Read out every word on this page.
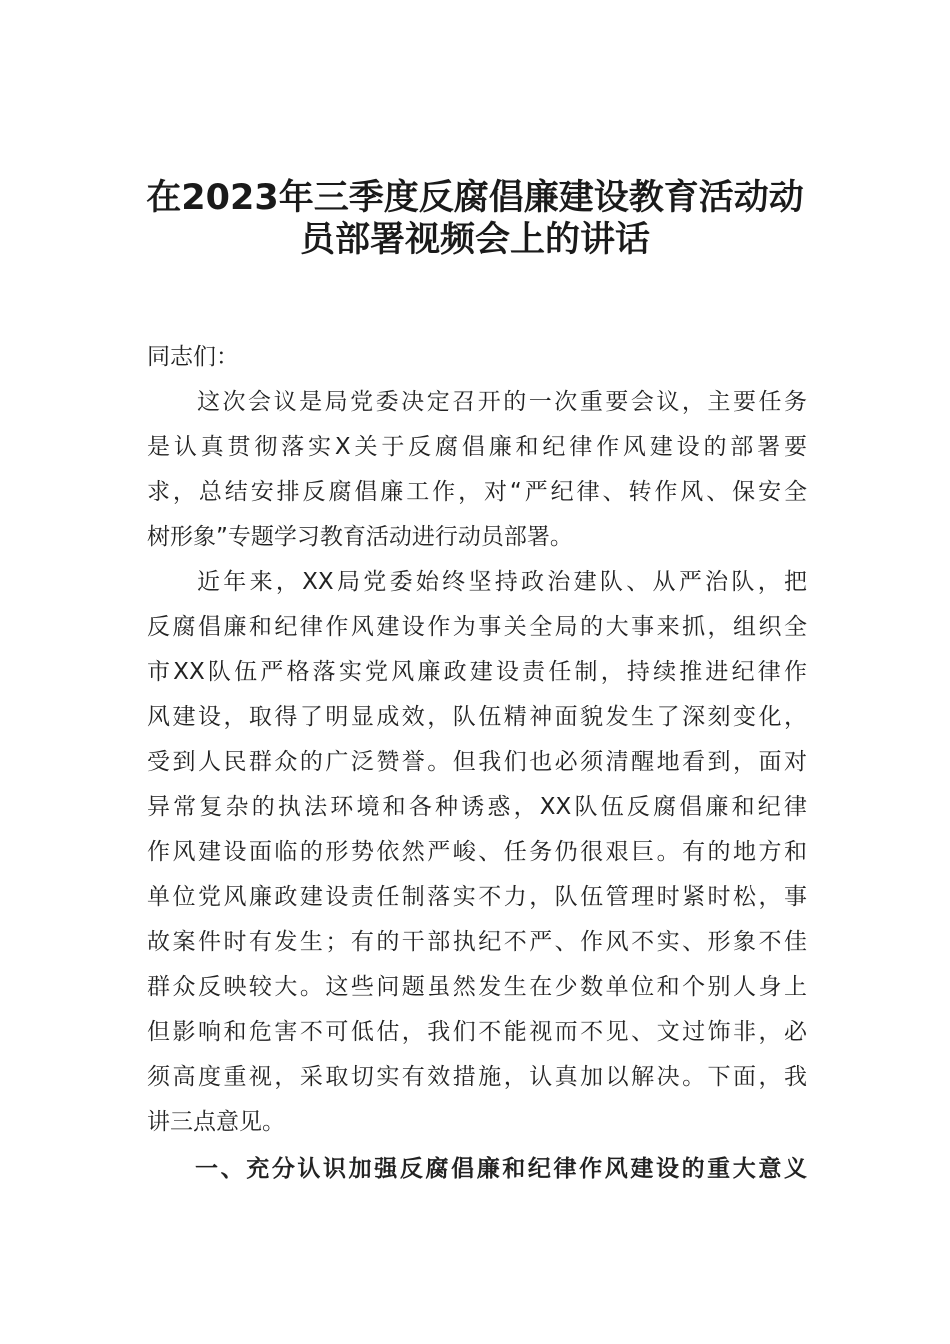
在2023年三季度反腐倡廉建设教育活动动
员部署视频会上的讲话
同志们：
这次会议是局党委决定召开的一次重要会议，主要任务
是认真贯彻落实X关于反腐倡廉和纪律作风建设的部署要
求，总结安排反腐倡廉工作，对“严纪律、转作风、保安全
树形象”专题学习教育活动进行动员部署。
近年来，XX局党委始终坚持政治建队、从严治队，把
反腐倡廉和纪律作风建设作为事关全局的大事来抓，组织全
市XX队伍严格落实党风廉政建设责任制，持续推进纪律作
风建设，取得了明显成效，队伍精神面貌发生了深刻变化，
受到人民群众的广泛赞誉。但我们也必须清醒地看到，面对
异常复杂的执法环境和各种诱惑，XX队伍反腐倡廉和纪律
作风建设面临的形势依然严峻、任务仍很艰巨。有的地方和
单位党风廉政建设责任制落实不力，队伍管理时紧时松，事
故案件时有发生；有的干部执纪不严、作风不实、形象不佳
群众反映较大。这些问题虽然发生在少数单位和个别人身上
但影响和危害不可低估，我们不能视而不见、文过饰非，必
须高度重视，采取切实有效措施，认真加以解决。下面，我
讲三点意见。
一、充分认识加强反腐倡廉和纪律作风建设的重大意义
